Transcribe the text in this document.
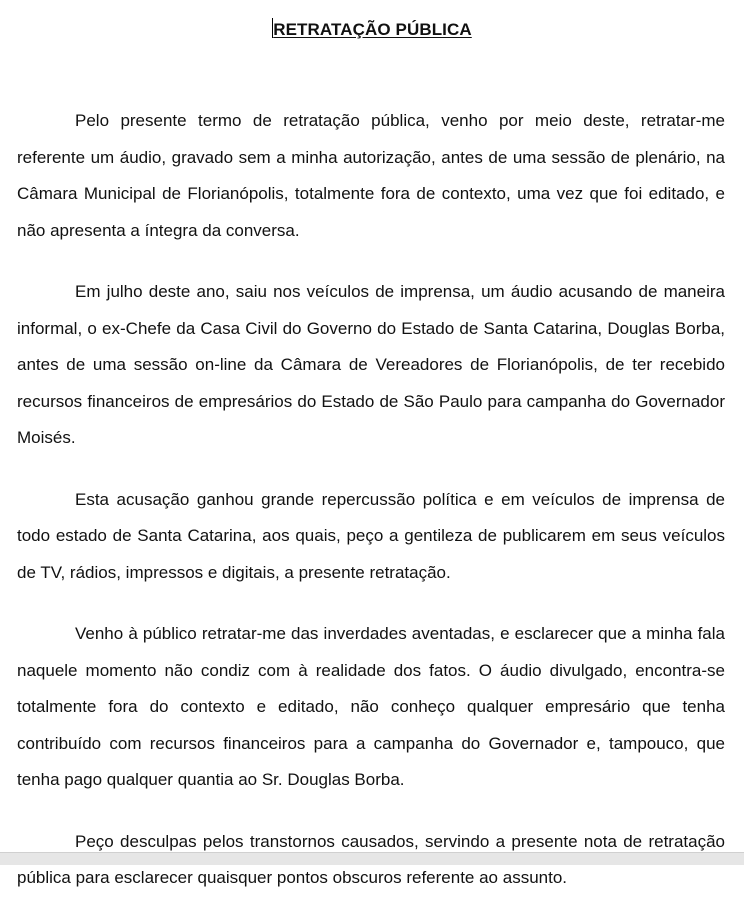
RETRATAÇÃO PÚBLICA

Pelo presente termo de retratação pública, venho por meio deste, retratar-me referente um áudio, gravado sem a minha autorização, antes de uma sessão de plenário, na Câmara Municipal de Florianópolis, totalmente fora de contexto, uma vez que foi editado, e não apresenta a íntegra da conversa.

Em julho deste ano, saiu nos veículos de imprensa, um áudio acusando de maneira informal, o ex-Chefe da Casa Civil do Governo do Estado de Santa Catarina, Douglas Borba, antes de uma sessão on-line da Câmara de Vereadores de Florianópolis, de ter recebido recursos financeiros de empresários do Estado de São Paulo para campanha do Governador Moisés.

Esta acusação ganhou grande repercussão política e em veículos de imprensa de todo estado de Santa Catarina, aos quais, peço a gentileza de publicarem em seus veículos de TV, rádios, impressos e digitais, a presente retratação.

Venho à público retratar-me das inverdades aventadas, e esclarecer que a minha fala naquele momento não condiz com à realidade dos fatos. O áudio divulgado, encontra-se totalmente fora do contexto e editado, não conheço qualquer empresário que tenha contribuído com recursos financeiros para a campanha do Governador e, tampouco, que tenha pago qualquer quantia ao Sr. Douglas Borba.

Peço desculpas pelos transtornos causados, servindo a presente nota de retratação pública para esclarecer quaisquer pontos obscuros referente ao assunto.
